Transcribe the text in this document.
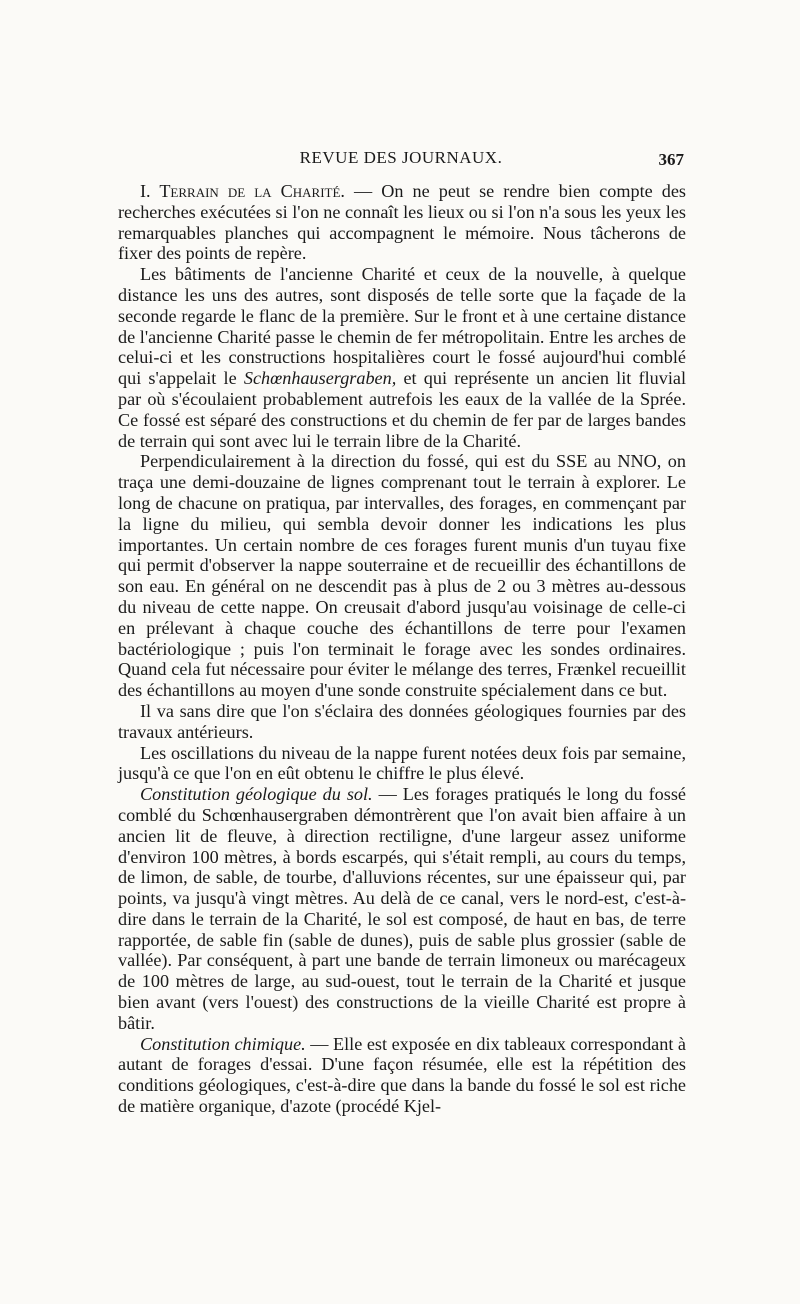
REVUE DES JOURNAUX.	367

I. Terrain de la Charité. — On ne peut se rendre bien compte des recherches exécutées si l'on ne connaît les lieux ou si l'on n'a sous les yeux les remarquables planches qui accompagnent le mémoire. Nous tâcherons de fixer des points de repère.

Les bâtiments de l'ancienne Charité et ceux de la nouvelle, à quelque distance les uns des autres, sont disposés de telle sorte que la façade de la seconde regarde le flanc de la première. Sur le front et à une certaine distance de l'ancienne Charité passe le chemin de fer métropolitain. Entre les arches de celui-ci et les constructions hospitalières court le fossé aujourd'hui comblé qui s'appelait le Schœnhausergraben, et qui représente un ancien lit fluvial par où s'écoulaient probablement autrefois les eaux de la vallée de la Sprée. Ce fossé est séparé des constructions et du chemin de fer par de larges bandes de terrain qui sont avec lui le terrain libre de la Charité.

Perpendiculairement à la direction du fossé, qui est du SSE au NNO, on traça une demi-douzaine de lignes comprenant tout le terrain à explorer. Le long de chacune on pratiqua, par intervalles, des forages, en commençant par la ligne du milieu, qui sembla devoir donner les indications les plus importantes. Un certain nombre de ces forages furent munis d'un tuyau fixe qui permit d'observer la nappe souterraine et de recueillir des échantillons de son eau. En général on ne descendit pas à plus de 2 ou 3 mètres au-dessous du niveau de cette nappe. On creusait d'abord jusqu'au voisinage de celle-ci en prélevant à chaque couche des échantillons de terre pour l'examen bactériologique ; puis l'on terminait le forage avec les sondes ordinaires. Quand cela fut nécessaire pour éviter le mélange des terres, Frænkel recueillit des échantillons au moyen d'une sonde construite spécialement dans ce but.

Il va sans dire que l'on s'éclaira des données géologiques fournies par des travaux antérieurs.

Les oscillations du niveau de la nappe furent notées deux fois par semaine, jusqu'à ce que l'on en eût obtenu le chiffre le plus élevé.

Constitution géologique du sol. — Les forages pratiqués le long du fossé comblé du Schœnhausergraben démontrèrent que l'on avait bien affaire à un ancien lit de fleuve, à direction rectiligne, d'une largeur assez uniforme d'environ 100 mètres, à bords escarpés, qui s'était rempli, au cours du temps, de limon, de sable, de tourbe, d'alluvions récentes, sur une épaisseur qui, par points, va jusqu'à vingt mètres. Au delà de ce canal, vers le nord-est, c'est-à-dire dans le terrain de la Charité, le sol est composé, de haut en bas, de terre rapportée, de sable fin (sable de dunes), puis de sable plus grossier (sable de vallée). Par conséquent, à part une bande de terrain limoneux ou marécageux de 100 mètres de large, au sud-ouest, tout le terrain de la Charité et jusque bien avant (vers l'ouest) des constructions de la vieille Charité est propre à bâtir.

Constitution chimique. — Elle est exposée en dix tableaux correspondant à autant de forages d'essai. D'une façon résumée, elle est la répétition des conditions géologiques, c'est-à-dire que dans la bande du fossé le sol est riche de matière organique, d'azote (procédé Kjel-
